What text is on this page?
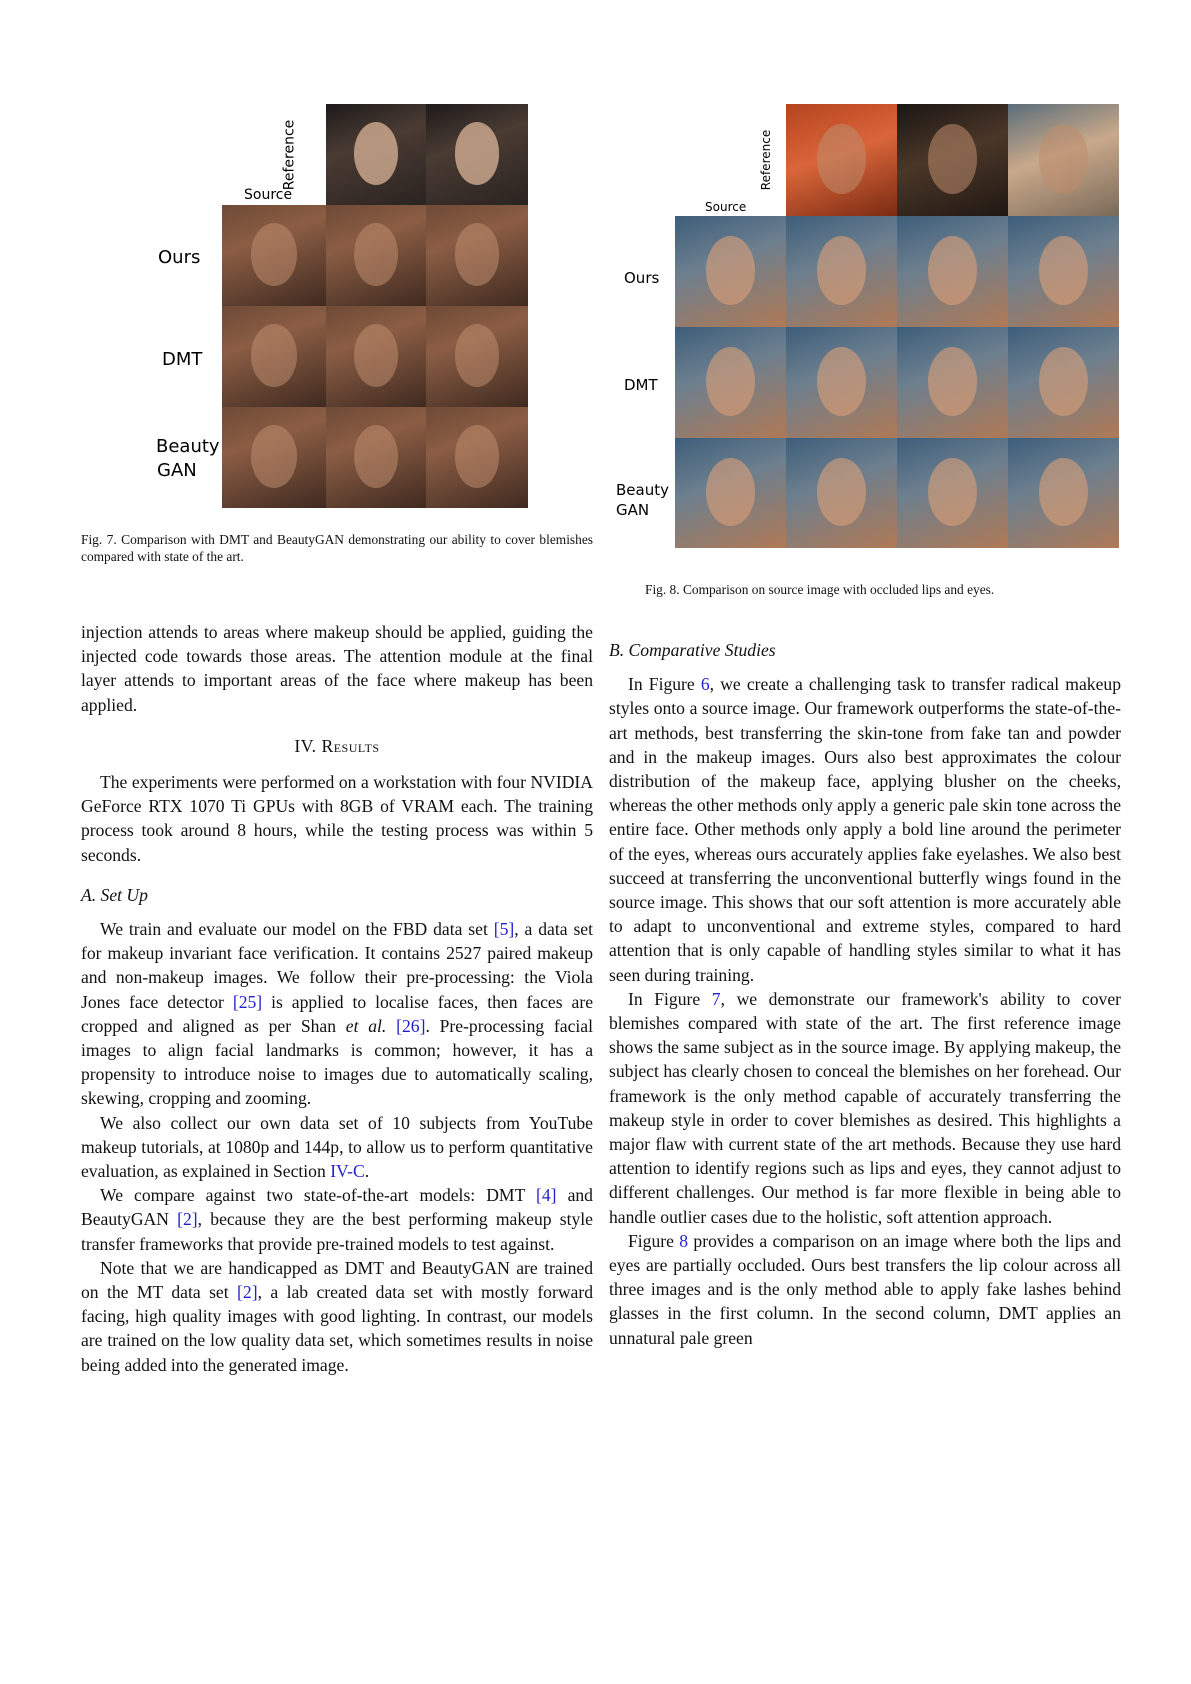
Source
Reference
Ours
DMT
Beauty
GAN
Fig. 7. Comparison with DMT and BeautyGAN demonstrating our ability to cover blemishes compared with state of the art.
Source
Reference
Ours
DMT
Beauty
GAN
Fig. 8. Comparison on source image with occluded lips and eyes.

injection attends to areas where makeup should be applied, guiding the injected code towards those areas. The attention module at the final layer attends to important areas of the face where makeup has been applied.

IV. Results

The experiments were performed on a workstation with four NVIDIA GeForce RTX 1070 Ti GPUs with 8GB of VRAM each. The training process took around 8 hours, while the testing process was within 5 seconds.

A. Set Up

We train and evaluate our model on the FBD data set [5], a data set for makeup invariant face verification. It contains 2527 paired makeup and non-makeup images. We follow their pre-processing: the Viola Jones face detector [25] is applied to localise faces, then faces are cropped and aligned as per Shan et al. [26]. Pre-processing facial images to align facial landmarks is common; however, it has a propensity to introduce noise to images due to automatically scaling, skewing, cropping and zooming.

We also collect our own data set of 10 subjects from YouTube makeup tutorials, at 1080p and 144p, to allow us to perform quantitative evaluation, as explained in Section IV-C.

We compare against two state-of-the-art models: DMT [4] and BeautyGAN [2], because they are the best performing makeup style transfer frameworks that provide pre-trained models to test against.

Note that we are handicapped as DMT and BeautyGAN are trained on the MT data set [2], a lab created data set with mostly forward facing, high quality images with good lighting. In contrast, our models are trained on the low quality data set, which sometimes results in noise being added into the generated image.

B. Comparative Studies

In Figure 6, we create a challenging task to transfer radical makeup styles onto a source image. Our framework outperforms the state-of-the-art methods, best transferring the skin-tone from fake tan and powder and in the makeup images. Ours also best approximates the colour distribution of the makeup face, applying blusher on the cheeks, whereas the other methods only apply a generic pale skin tone across the entire face. Other methods only apply a bold line around the perimeter of the eyes, whereas ours accurately applies fake eyelashes. We also best succeed at transferring the unconventional butterfly wings found in the source image. This shows that our soft attention is more accurately able to adapt to unconventional and extreme styles, compared to hard attention that is only capable of handling styles similar to what it has seen during training.

In Figure 7, we demonstrate our framework's ability to cover blemishes compared with state of the art. The first reference image shows the same subject as in the source image. By applying makeup, the subject has clearly chosen to conceal the blemishes on her forehead. Our framework is the only method capable of accurately transferring the makeup style in order to cover blemishes as desired. This highlights a major flaw with current state of the art methods. Because they use hard attention to identify regions such as lips and eyes, they cannot adjust to different challenges. Our method is far more flexible in being able to handle outlier cases due to the holistic, soft attention approach.

Figure 8 provides a comparison on an image where both the lips and eyes are partially occluded. Ours best transfers the lip colour across all three images and is the only method able to apply fake lashes behind glasses in the first column. In the second column, DMT applies an unnatural pale green
